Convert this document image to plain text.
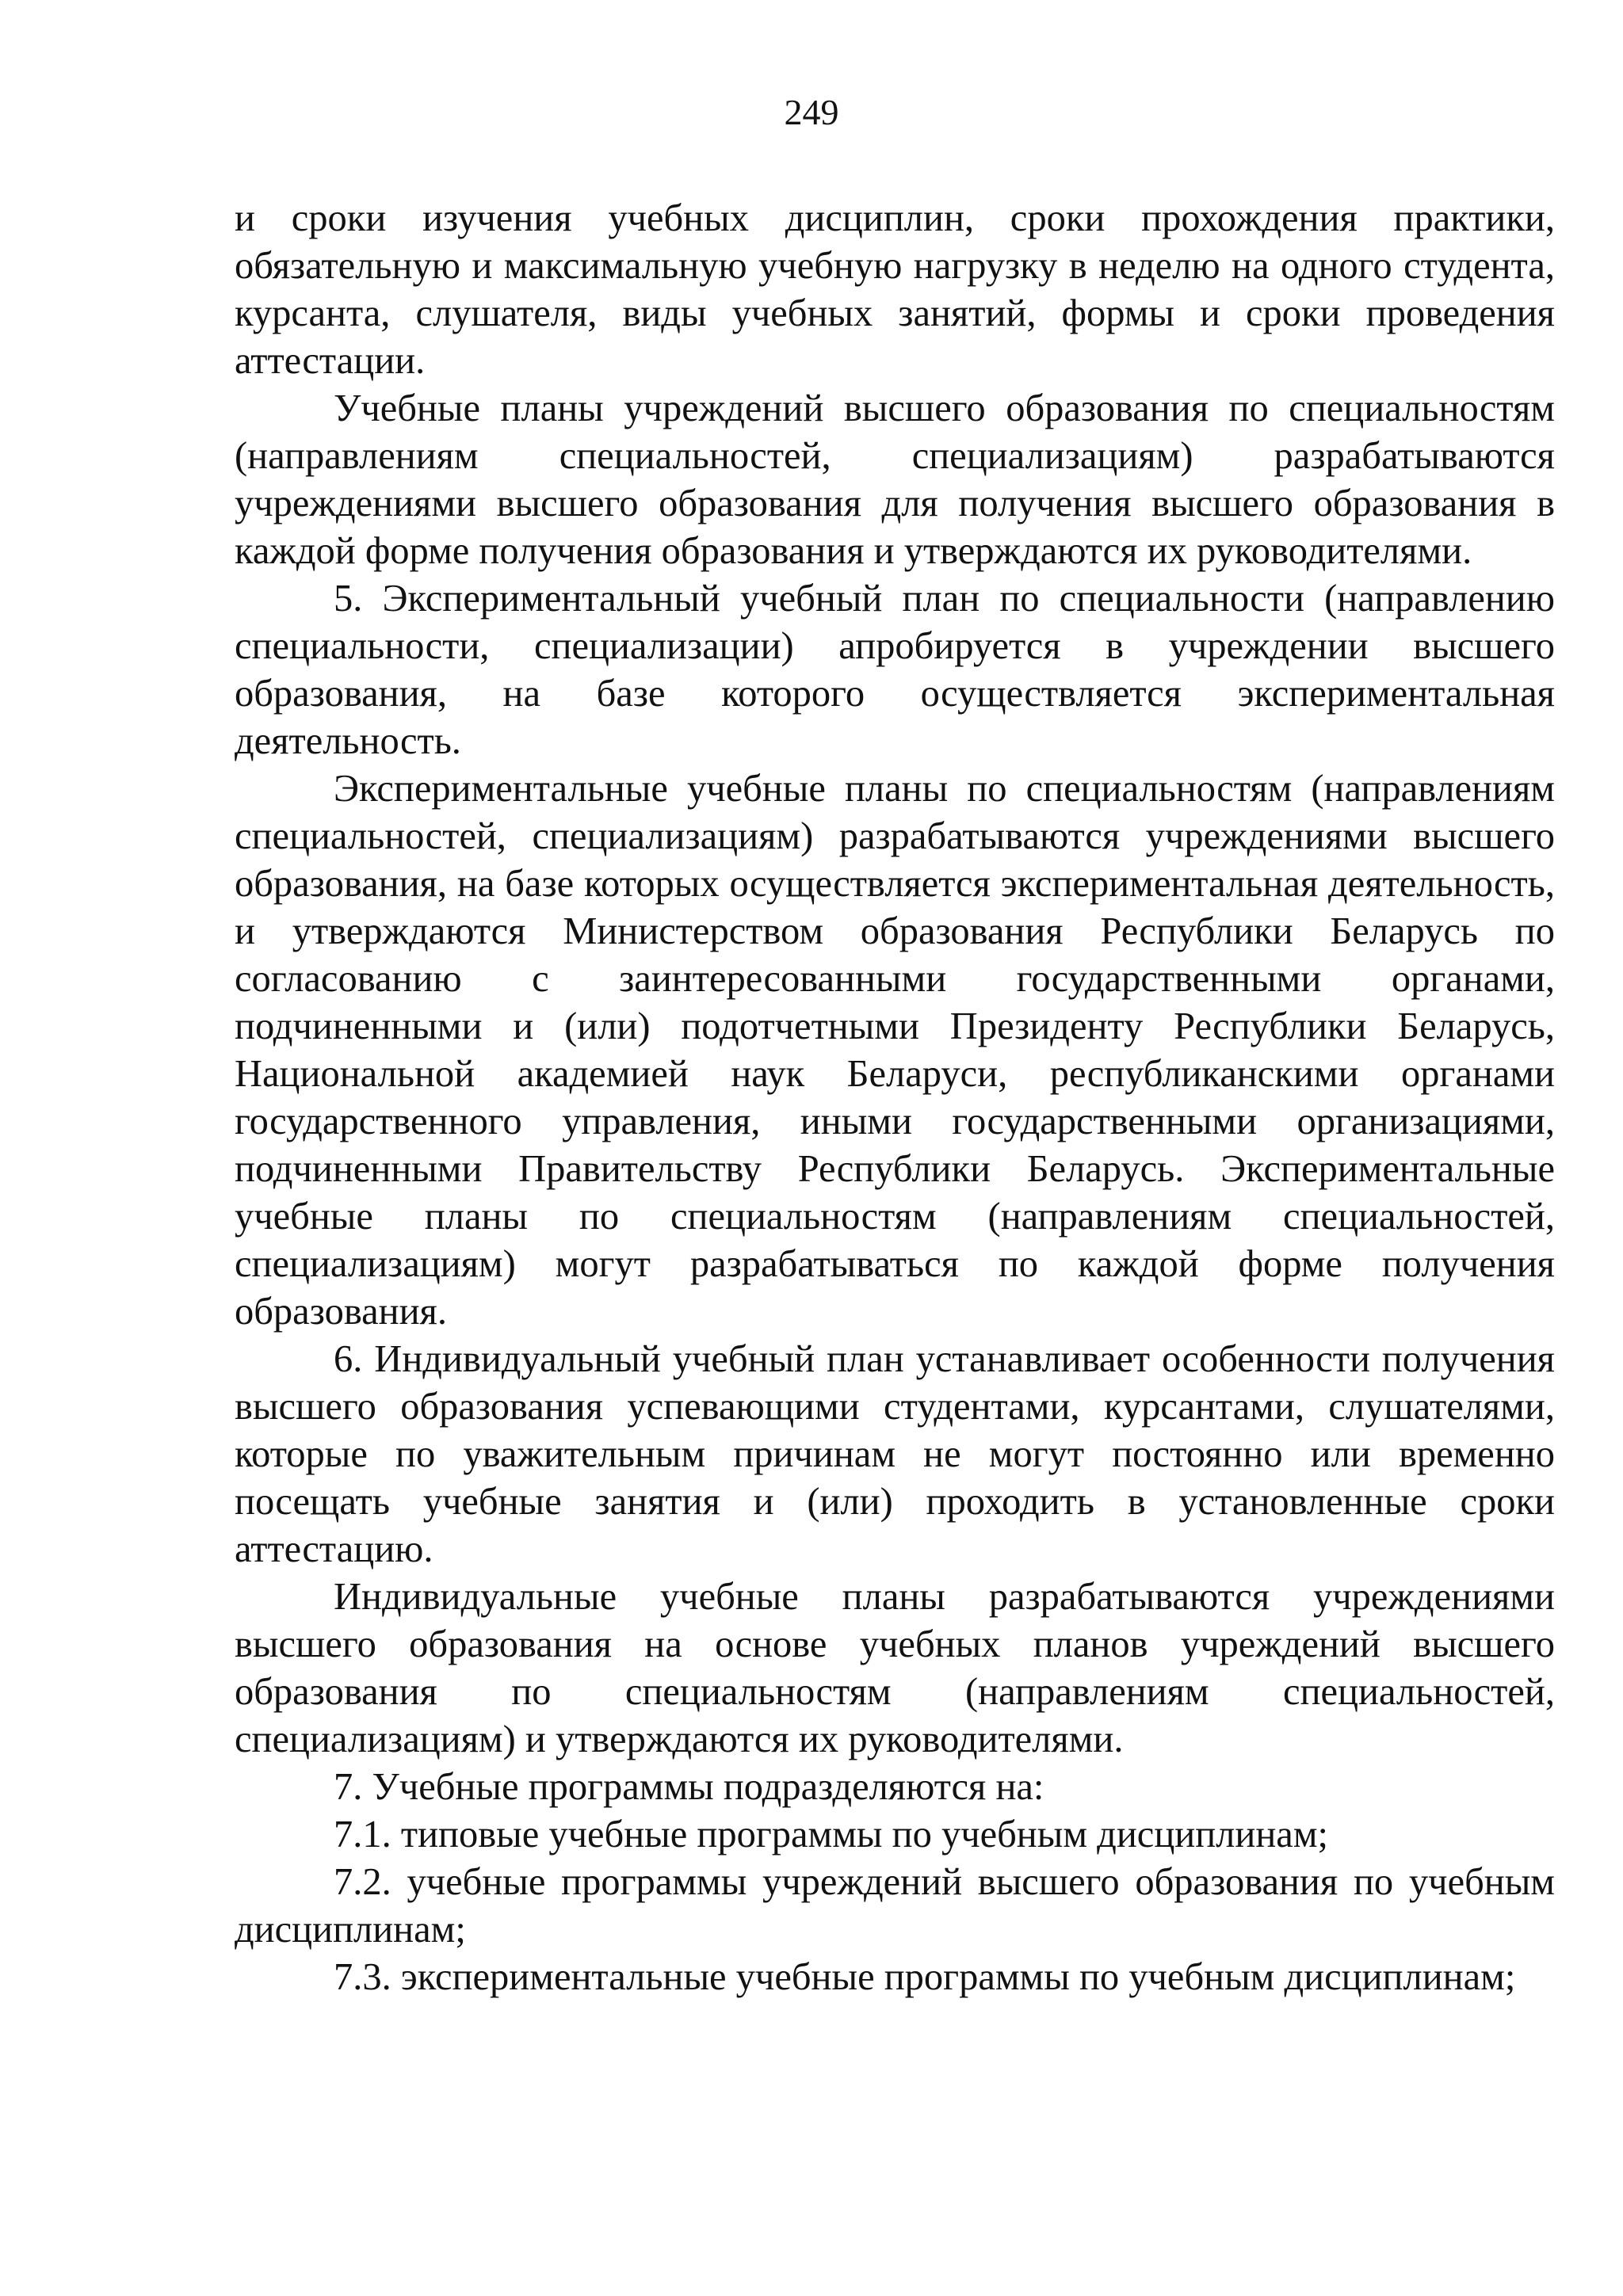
249

и сроки изучения учебных дисциплин, сроки прохождения практики, обязательную и максимальную учебную нагрузку в неделю на одного студента, курсанта, слушателя, виды учебных занятий, формы и сроки проведения аттестации.

Учебные планы учреждений высшего образования по специальностям (направлениям специальностей, специализациям) разрабатываются учреждениями высшего образования для получения высшего образования в каждой форме получения образования и утверждаются их руководителями.

5. Экспериментальный учебный план по специальности (направлению специальности, специализации) апробируется в учреждении высшего образования, на базе которого осуществляется экспериментальная деятельность.

Экспериментальные учебные планы по специальностям (направлениям специальностей, специализациям) разрабатываются учреждениями высшего образования, на базе которых осуществляется экспериментальная деятельность, и утверждаются Министерством образования Республики Беларусь по согласованию с заинтересованными государственными органами, подчиненными и (или) подотчетными Президенту Республики Беларусь, Национальной академией наук Беларуси, республиканскими органами государственного управления, иными государственными организациями, подчиненными Правительству Республики Беларусь. Экспериментальные учебные планы по специальностям (направлениям специальностей, специализациям) могут разрабатываться по каждой форме получения образования.

6. Индивидуальный учебный план устанавливает особенности получения высшего образования успевающими студентами, курсантами, слушателями, которые по уважительным причинам не могут постоянно или временно посещать учебные занятия и (или) проходить в установленные сроки аттестацию.

Индивидуальные учебные планы разрабатываются учреждениями высшего образования на основе учебных планов учреждений высшего образования по специальностям (направлениям специальностей, специализациям) и утверждаются их руководителями.

7. Учебные программы подразделяются на:

7.1. типовые учебные программы по учебным дисциплинам;

7.2. учебные программы учреждений высшего образования по учебным дисциплинам;

7.3. экспериментальные учебные программы по учебным дисциплинам;
